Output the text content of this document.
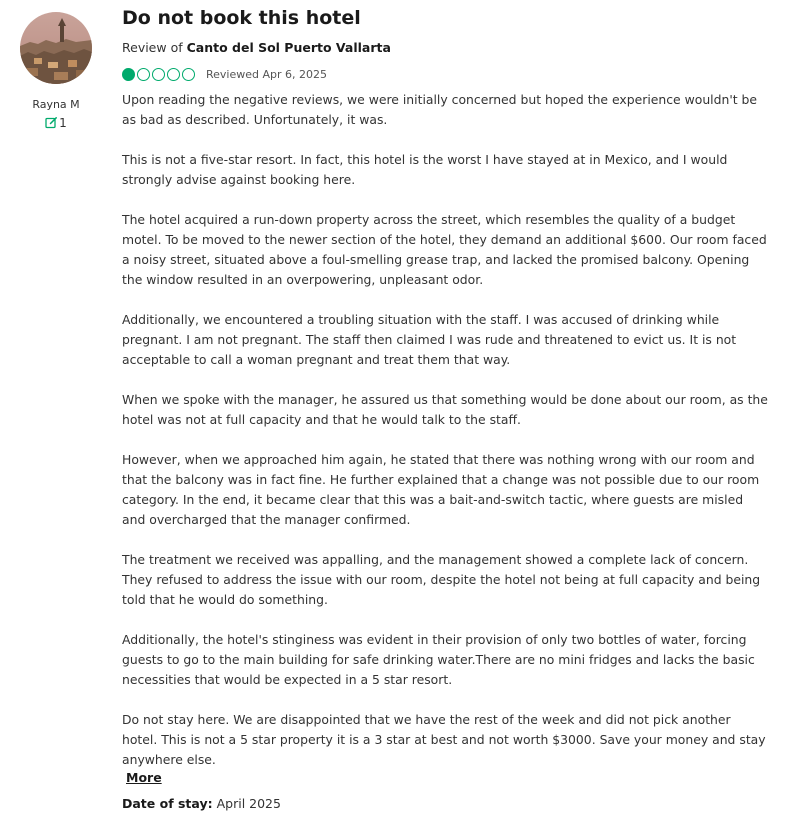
Rayna M
1
Do not book this hotel
Review of Canto del Sol Puerto Vallarta
Reviewed Apr 6, 2025

Upon reading the negative reviews, we were initially concerned but hoped the experience wouldn't be
as bad as described. Unfortunately, it was.

This is not a five-star resort. In fact, this hotel is the worst I have stayed at in Mexico, and I would
strongly advise against booking here.

The hotel acquired a run-down property across the street, which resembles the quality of a budget
motel. To be moved to the newer section of the hotel, they demand an additional $600. Our room faced
a noisy street, situated above a foul-smelling grease trap, and lacked the promised balcony. Opening
the window resulted in an overpowering, unpleasant odor.

Additionally, we encountered a troubling situation with the staff. I was accused of drinking while
pregnant. I am not pregnant. The staff then claimed I was rude and threatened to evict us. It is not
acceptable to call a woman pregnant and treat them that way.

When we spoke with the manager, he assured us that something would be done about our room, as the
hotel was not at full capacity and that he would talk to the staff.

However, when we approached him again, he stated that there was nothing wrong with our room and
that the balcony was in fact fine. He further explained that a change was not possible due to our room
category. In the end, it became clear that this was a bait-and-switch tactic, where guests are misled
and overcharged that the manager confirmed.

The treatment we received was appalling, and the management showed a complete lack of concern.
They refused to address the issue with our room, despite the hotel not being at full capacity and being
told that he would do something.

Additionally, the hotel's stinginess was evident in their provision of only two bottles of water, forcing
guests to go to the main building for safe drinking water.There are no mini fridges and lacks the basic
necessities that would be expected in a 5 star resort.

Do not stay here. We are disappointed that we have the rest of the week and did not pick another
hotel. This is not a 5 star property it is a 3 star at best and not worth $3000. Save your money and stay
anywhere else.

More
Date of stay: April 2025
